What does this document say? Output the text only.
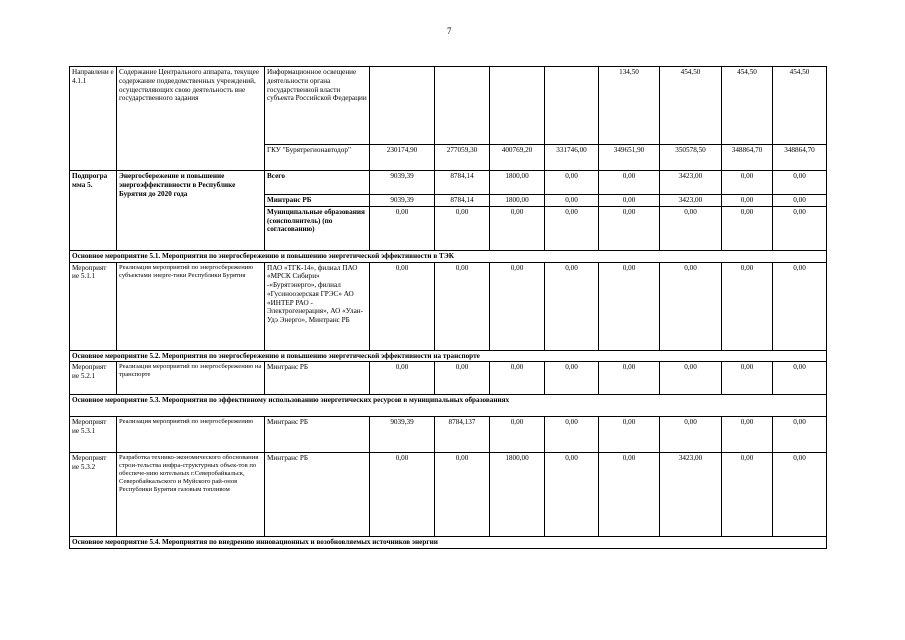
7
Направлени е 4.1.1	Содержание Центрального аппарата, текущее содержание подведомственных учреждений, осуществляющих свою деятельность вне государственного задания	Информационное освещение деятельности органа государственной власти субъекта Российской Федерации					134,50	454,50	454,50	454,50
		ГКУ "Бурятрегионавтодор"	230174,90	277059,30	400769,20	331746,00	349651,90	350578,50	348864,70	348864,70
Подпрогра мма 5.	Энергосбережение и повышение энергоэффективности в Республике Бурятия до 2020 года	Всего	9039,39	8784,14	1800,00	0,00	0,00	3423,00	0,00	0,00
		Минтранс РБ	9039,39	8784,14	1800,00	0,00	0,00	3423,00	0,00	0,00
		Муниципальные образования (соисполнитель) (по согласованию)	0,00	0,00	0,00	0,00	0,00	0,00	0,00	0,00
Основное мероприятие 5.1. Мероприятия по энергосбережению и повышению энергетической эффективности в ТЭК										
Мероприят ие 5.1.1	Реализация мероприятий по энергосбережению субъектами энерге-тики Республики Бурятия	ПАО «ТГК-14», филиал ПАО «МРСК Сибири» -«Бурятэнерго», филиал «Гусиноозерская ГРЭС» АО «ИНТЕР РАО - Электрогенерация», АО «Улан-Удэ Энерго», Минтранс РБ	0,00	0,00	0,00	0,00	0,00	0,00	0,00	0,00
Основное мероприятие 5.2. Мероприятия по энергосбережению и повышению энергетической эффективности на транспорте										
Мероприят ие 5.2.1	Реализация мероприятий по энергосбережению на транспорте	Минтранс РБ	0,00	0,00	0,00	0,00	0,00	0,00	0,00	0,00
Основное мероприятие 5.3. Мероприятия по эффективному использованию энергетических ресурсов в муниципальных образованиях										
Мероприят ие 5.3.1	Реализация мероприятий по энергосбережению	Минтранс РБ	9039,39	8784,137	0,00	0,00	0,00	0,00	0,00	0,00
Мероприят ие 5.3.2	Разработка технико-экономического обоснования строи-тельства инфра-структурных объек-тов по обеспече-нию котельных г.Северобайкальск, Северобайкальского и Муйского рай-онов Республики Бурятия газовым топливом	Минтранс РБ	0,00	0,00	1800,00	0,00	0,00	3423,00	0,00	0,00
Основное мероприятие 5.4. Мероприятия по внедрению инновационных и возобновляемых источников энергии										
